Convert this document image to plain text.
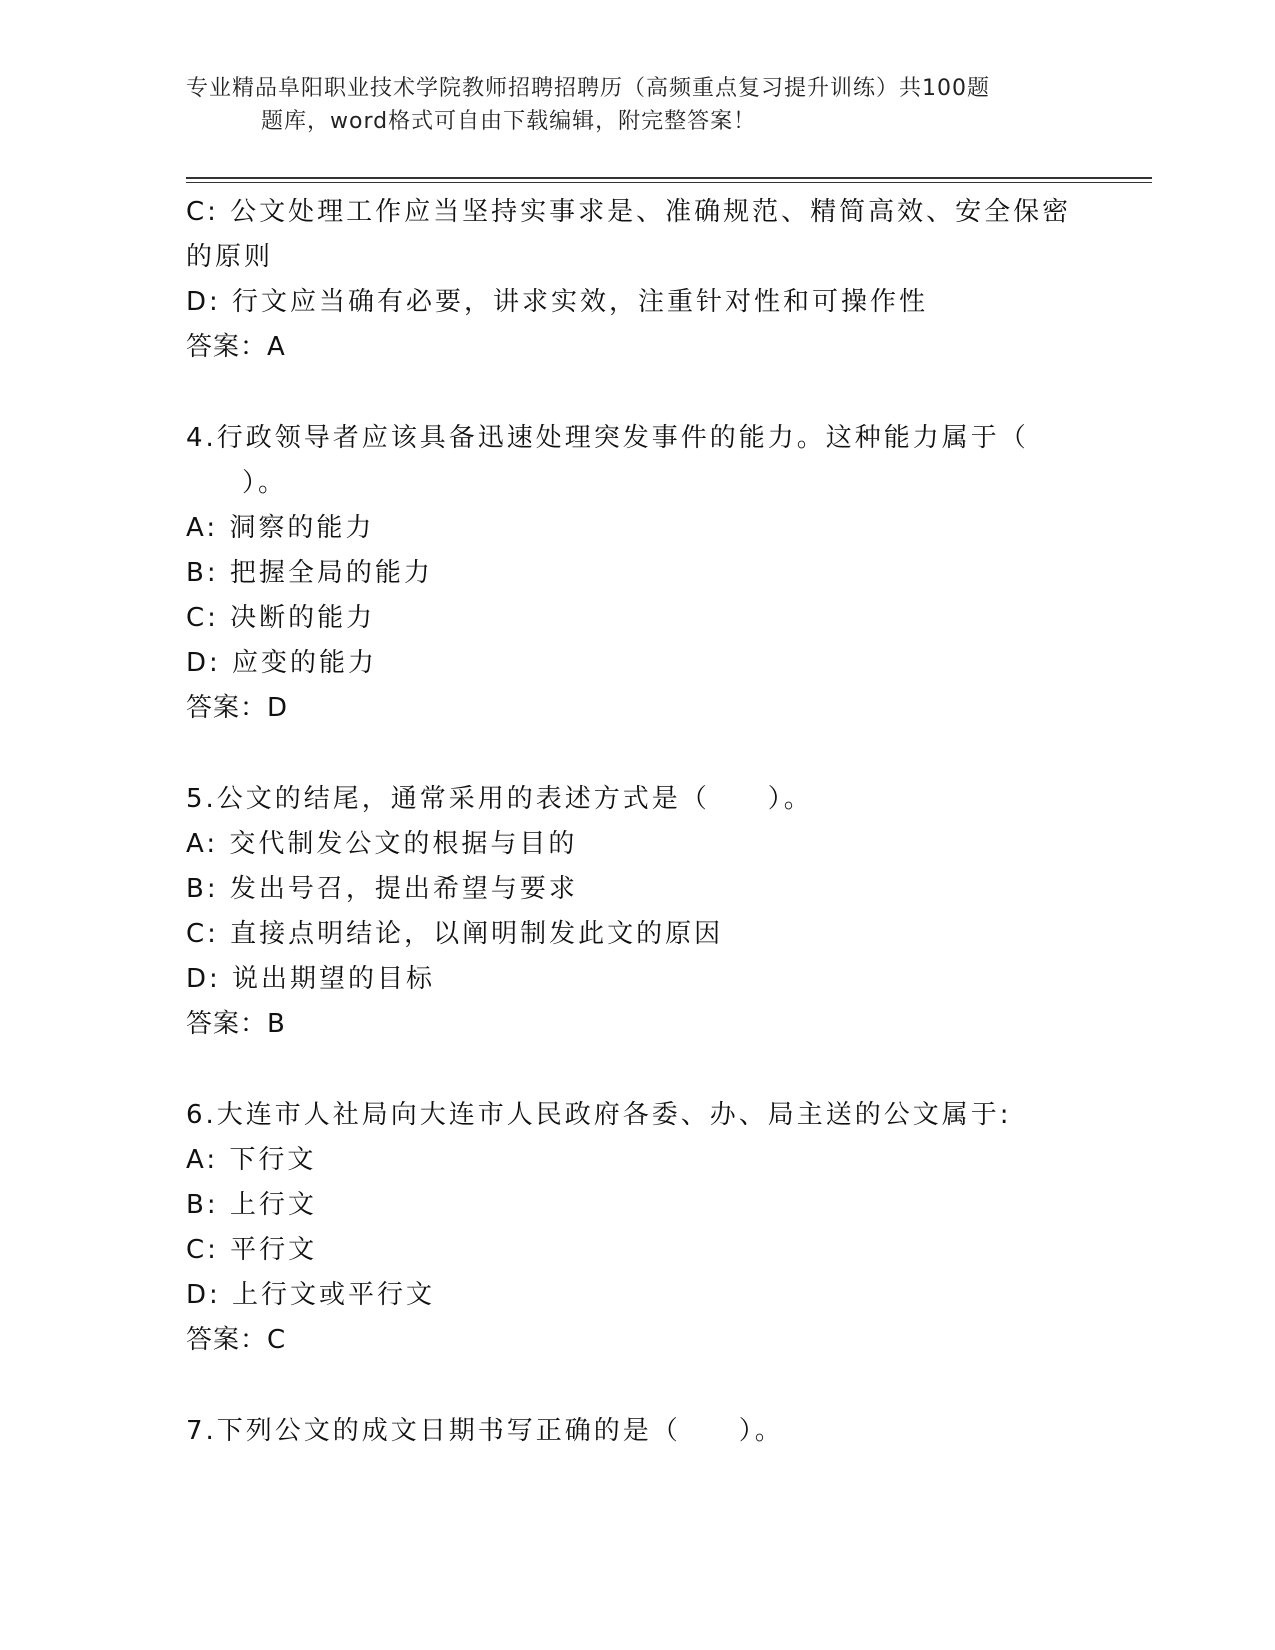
专业精品阜阳职业技术学院教师招聘招聘历（高频重点复习提升训练）共100题
题库，word格式可自由下载编辑，附完整答案！
C: 公文处理工作应当坚持实事求是、准确规范、精简高效、安全保密
的原则
D: 行文应当确有必要，讲求实效，注重针对性和可操作性
答案：A
4.行政领导者应该具备迅速处理突发事件的能力。这种能力属于（
）。
A: 洞察的能力
B: 把握全局的能力
C: 决断的能力
D: 应变的能力
答案：D
5.公文的结尾，通常采用的表述方式是（　　）。
A: 交代制发公文的根据与目的
B: 发出号召，提出希望与要求
C: 直接点明结论，以阐明制发此文的原因
D: 说出期望的目标
答案：B
6.大连市人社局向大连市人民政府各委、办、局主送的公文属于:
A: 下行文
B: 上行文
C: 平行文
D: 上行文或平行文
答案：C
7.下列公文的成文日期书写正确的是（　　）。
